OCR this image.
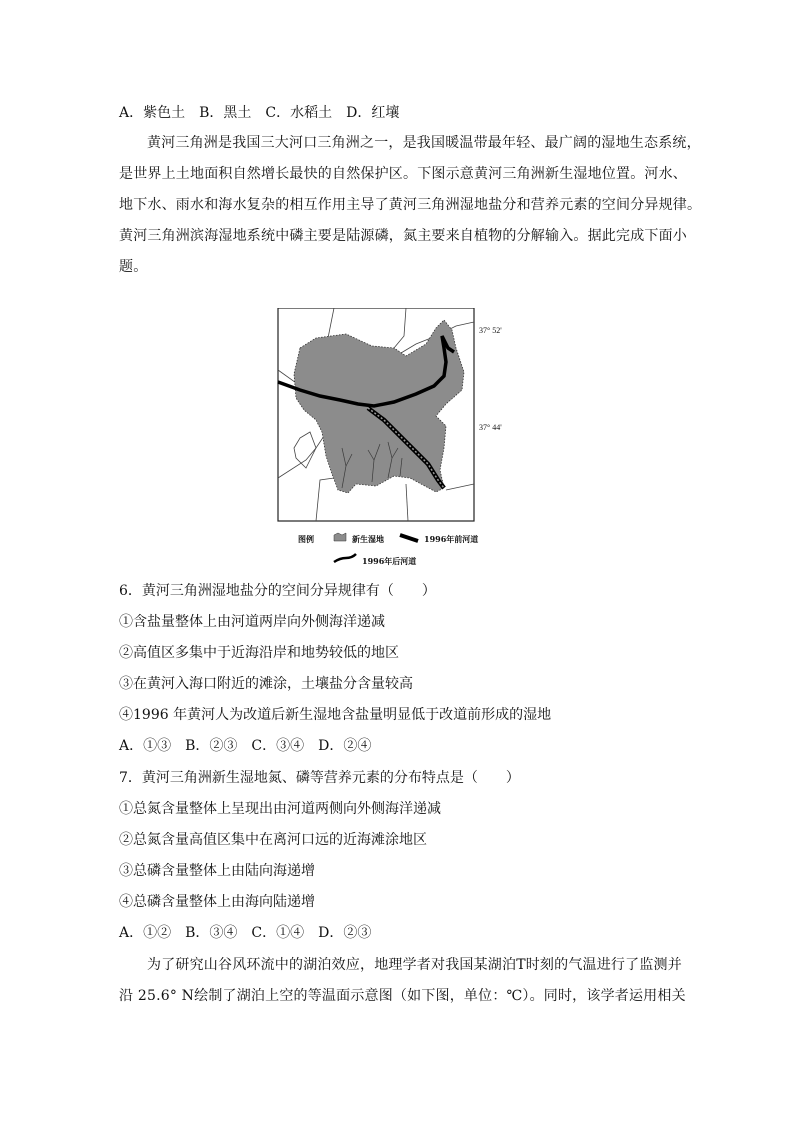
A．紫色土　B．黑土　C．水稻土　D．红壤
黄河三角洲是我国三大河口三角洲之一，是我国暖温带最年轻、最广阔的湿地生态系统，
是世界上土地面积自然增长最快的自然保护区。下图示意黄河三角洲新生湿地位置。河水、
地下水、雨水和海水复杂的相互作用主导了黄河三角洲湿地盐分和营养元素的空间分异规律。
黄河三角洲滨海湿地系统中磷主要是陆源磷，氮主要来自植物的分解输入。据此完成下面小
题。
37° 52'
37° 44'
图例	新生湿地	1996年前河道
1996年后河道
6．黄河三角洲湿地盐分的空间分异规律有（　　）
①含盐量整体上由河道两岸向外侧海洋递减
②高值区多集中于近海沿岸和地势较低的地区
③在黄河入海口附近的滩涂，土壤盐分含量较高
④1996 年黄河人为改道后新生湿地含盐量明显低于改道前形成的湿地
A．①③　B．②③　C．③④　D．②④
7．黄河三角洲新生湿地氮、磷等营养元素的分布特点是（　　）
①总氮含量整体上呈现出由河道两侧向外侧海洋递减
②总氮含量高值区集中在离河口远的近海滩涂地区
③总磷含量整体上由陆向海递增
④总磷含量整体上由海向陆递增
A．①②　B．③④　C．①④　D．②③
为了研究山谷风环流中的湖泊效应，地理学者对我国某湖泊T时刻的气温进行了监测并
沿 25.6° N绘制了湖泊上空的等温面示意图（如下图，单位：℃）。同时，该学者运用相关
